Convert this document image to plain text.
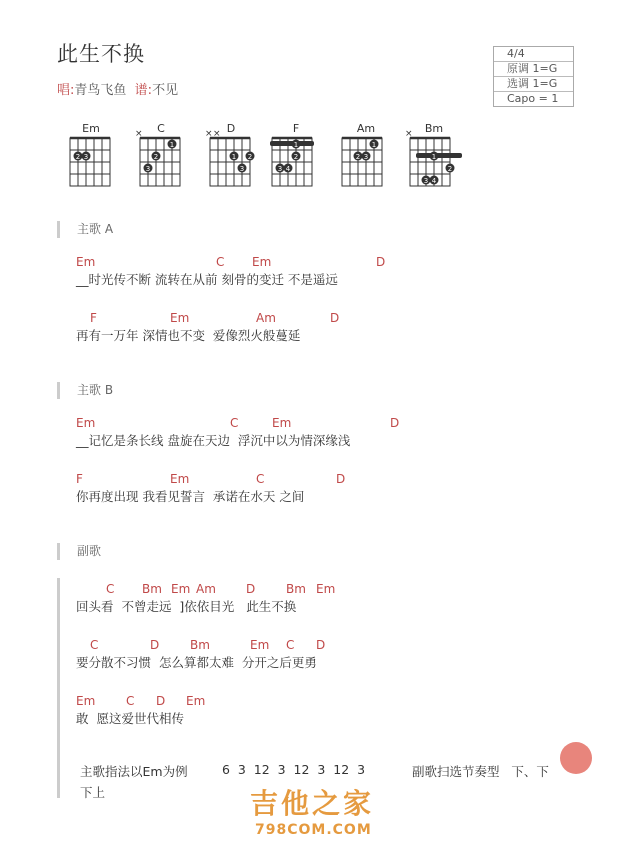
此生不换
唱:青鸟飞鱼 谱:不见
4/4
原调 1=G
选调 1=G
Capo = 1
2 3
×
1
2
3
× ×
1 2
3
1
2
3 4
1
2 3
×
1
2
3 4
Em	C	D	F	Am	Bm
主歌 A
Em	C Em	D
__时光传不断 流转在从前 刻骨的变迁 不是遥远
F	Em	Am	D
再有一万年 深情也不变  爱像烈火般蔓延
主歌 B
Em	C	Em	D
__记忆是条长线 盘旋在天边  浮沉中以为情深缘浅
F	Em	C	D
你再度出现 我看见誓言  承诺在水天 之间
副歌
C Bm Em Am	D	Bm Em
回头看  不曾走远  ]依依目光   此生不换
C	D	Bm	Em C D
要分散不习惯  怎么算都太难  分开之后更勇
Em	C D Em
敢  愿这爱世代相传
主歌指法以Em为例	6  3  12  3  12  3  12  3	副歌扫选节奏型   下、下
下上	吉他之家
798COM.COM
